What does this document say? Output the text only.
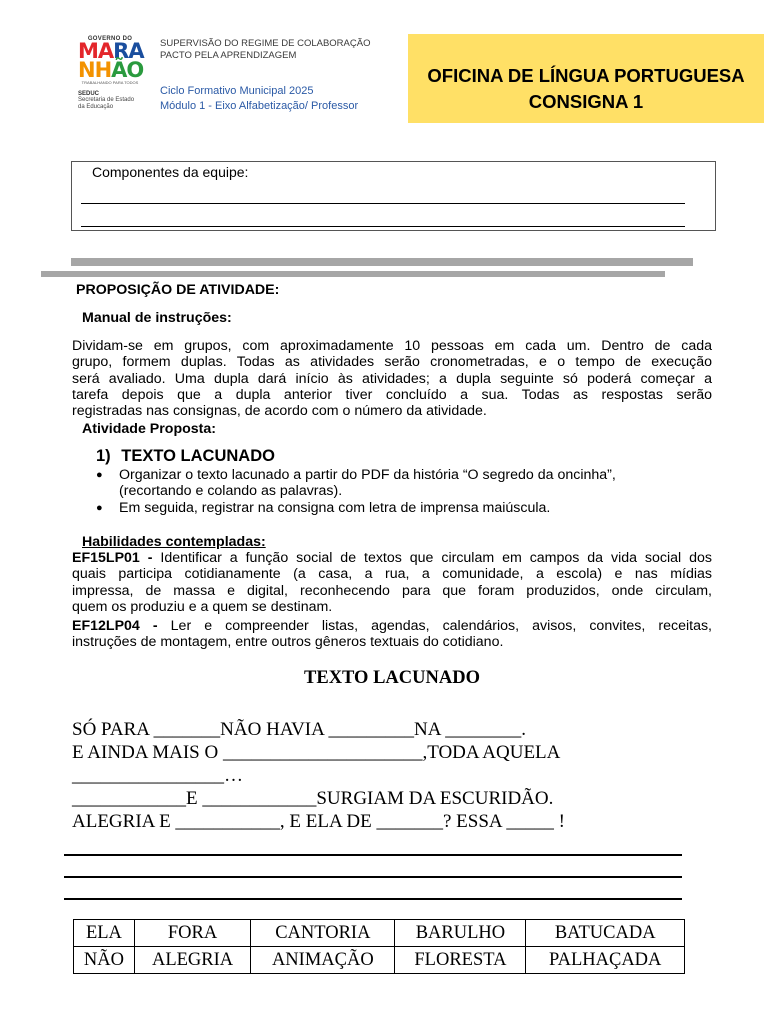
GOVERNO DO
MARA
NHÃO
TRABALHANDO PARA TODOS
SEDUC
Secretaria de Estado
da Educação
SUPERVISÃO DO REGIME DE COLABORAÇÃO
PACTO PELA APRENDIZAGEM
Ciclo Formativo Municipal 2025
Módulo 1 - Eixo Alfabetização/ Professor
OFICINA DE LÍNGUA PORTUGUESA
CONSIGNA 1
Componentes da equipe:
PROPOSIÇÃO DE ATIVIDADE:
Manual de instruções:
Dividam-se em grupos, com aproximadamente 10 pessoas em cada um. Dentro de cada
grupo, formem duplas. Todas as atividades serão cronometradas, e o tempo de execução
será avaliado. Uma dupla dará início às atividades; a dupla seguinte só poderá começar a
tarefa depois que a dupla anterior tiver concluído a sua. Todas as respostas serão
registradas nas consignas, de acordo com o número da atividade.
Atividade Proposta:
1) TEXTO LACUNADO
●	Organizar o texto lacunado a partir do PDF da história “O segredo da oncinha”,
(recortando e colando as palavras).
●	Em seguida, registrar na consigna com letra de imprensa maiúscula.
Habilidades contempladas:
EF15LP01 - Identificar a função social de textos que circulam em campos da vida social dos
quais participa cotidianamente (a casa, a rua, a comunidade, a escola) e nas mídias
impressa, de massa e digital, reconhecendo para que foram produzidos, onde circulam,
quem os produziu e a quem se destinam.
EF12LP04 - Ler e compreender listas, agendas, calendários, avisos, convites, receitas,
instruções de montagem, entre outros gêneros textuais do cotidiano.
TEXTO LACUNADO
SÓ PARA _______NÃO HAVIA _________NA ________.
E AINDA MAIS O _____________________,TODA AQUELA
________________…
____________E ____________SURGIAM DA ESCURIDÃO.
ALEGRIA E ___________, E ELA DE _______? ESSA _____ !
ELA	FORA	CANTORIA	BARULHO	BATUCADA
NÃO	ALEGRIA	ANIMAÇÃO	FLORESTA	PALHAÇADA
